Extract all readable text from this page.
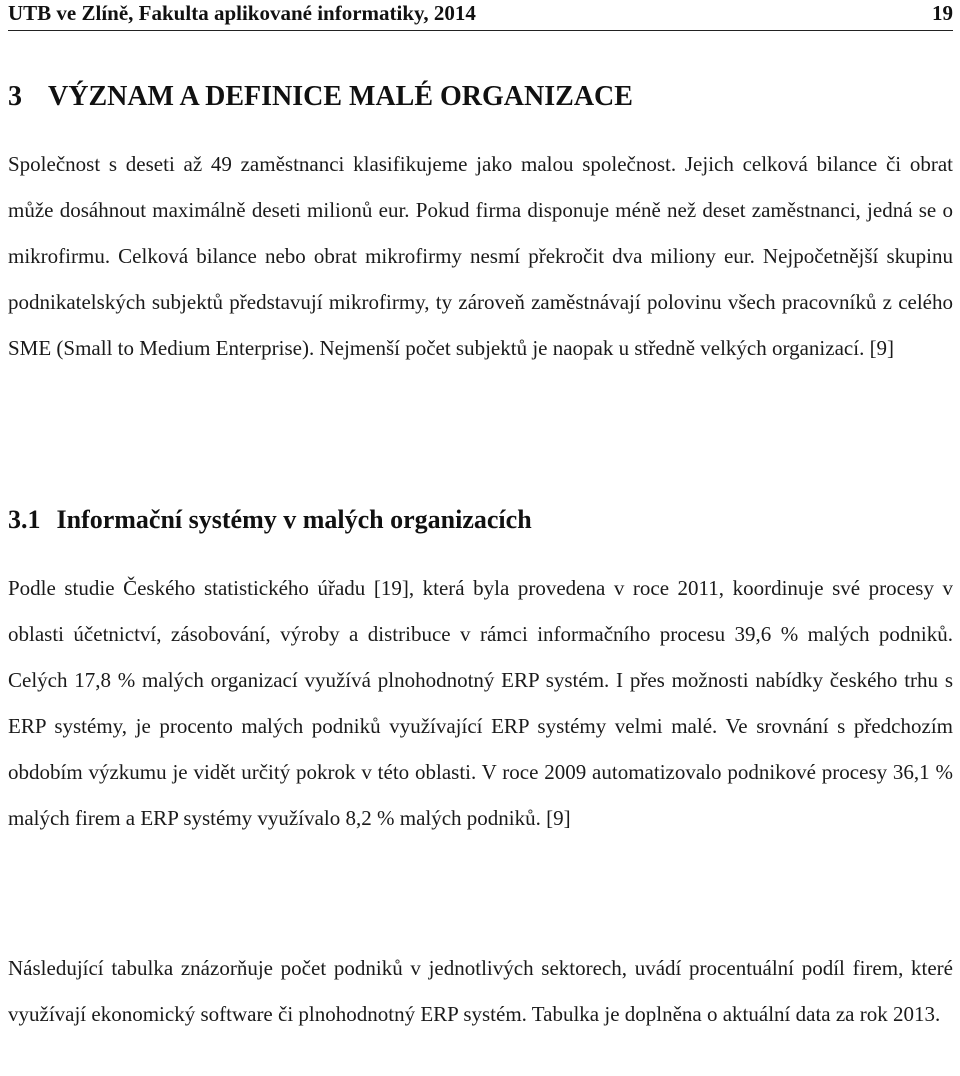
UTB ve Zlíně, Fakulta aplikované informatiky, 2014	19
3 VÝZNAM A DEFINICE MALÉ ORGANIZACE

Společnost s deseti až 49 zaměstnanci klasifikujeme jako malou společnost. Jejich celková bilance či obrat může dosáhnout maximálně deseti milionů eur. Pokud firma disponuje méně než deset zaměstnanci, jedná se o mikrofirmu. Celková bilance nebo obrat mikrofirmy nesmí překročit dva miliony eur. Nejpočetnější skupinu podnikatelských subjektů představují mikrofirmy, ty zároveň zaměstnávají polovinu všech pracovníků z celého SME (Small to Medium Enterprise). Nejmenší počet subjektů je naopak u středně velkých organizací. [9]

3.1 Informační systémy v malých organizacích

Podle studie Českého statistického úřadu [19], která byla provedena v roce 2011, koordinuje své procesy v oblasti účetnictví, zásobování, výroby a distribuce v rámci informačního procesu 39,6 % malých podniků. Celých 17,8 % malých organizací využívá plnohodnotný ERP systém. I přes možnosti nabídky českého trhu s ERP systémy, je procento malých podniků využívající ERP systémy velmi malé. Ve srovnání s předchozím obdobím výzkumu je vidět určitý pokrok v této oblasti. V roce 2009 automatizovalo podnikové procesy 36,1 % malých firem a ERP systémy využívalo 8,2 % malých podniků. [9]

Následující tabulka znázorňuje počet podniků v jednotlivých sektorech, uvádí procentuální podíl firem, které využívají ekonomický software či plnohodnotný ERP systém. Tabulka je doplněna o aktuální data za rok 2013.
